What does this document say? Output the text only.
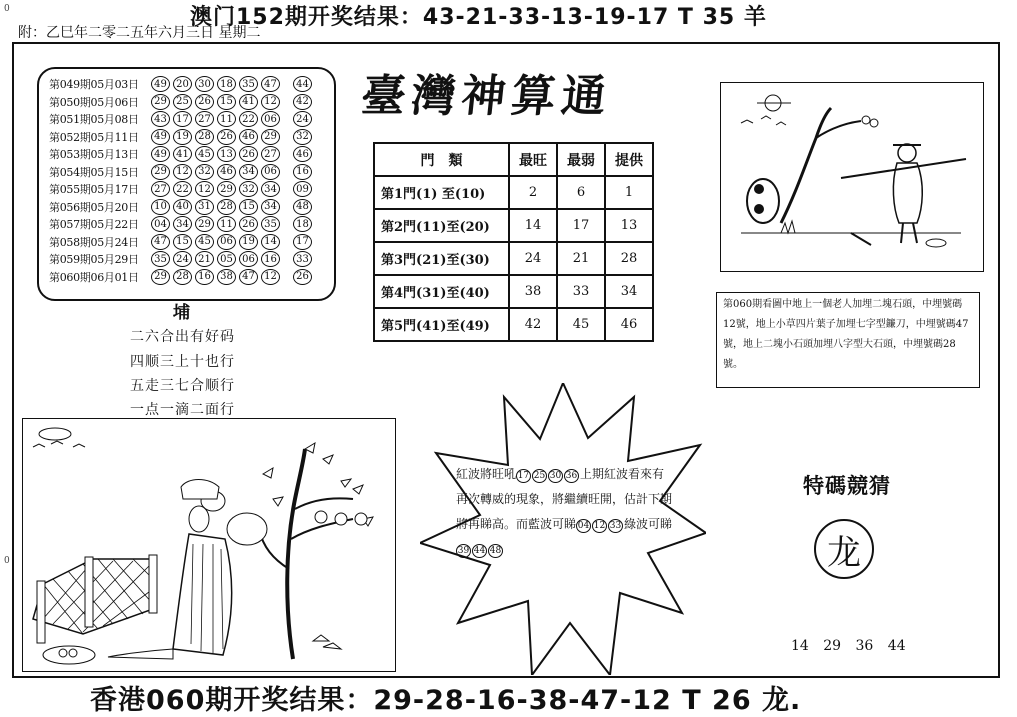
澳门152期开奖结果：43-21-33-13-19-17 T 35 羊
附：乙巳年二零二五年六月三日 星期二
0
第049期05月03日	49 20 30 18 35 47	44
第050期05月06日	29 25 26 15 41 12	42
第051期05月08日	43 17 27 11 22 06	24
第052期05月11日	49 19 28 26 46 29	32
第053期05月13日	49 41 45 13 26 27	46
第054期05月15日	29 12 32 46 34 06	16
第055期05月17日	27 22 12 29 32 34	09
第056期05月20日	10 40 31 28 15 34	48
第057期05月22日	04 34 29 11 26 35	18
第058期05月24日	47 15 45 06 19 14	17
第059期05月29日	35 24 21 05 06 16	33
第060期06月01日	29 28 16 38 47 12	26
臺灣神算通
門　類	最旺	最弱	提供
第1門(1) 至(10)	2	6	1
第2門(11)至(20)	14	17	13
第3門(21)至(30)	24	21	28
第4門(31)至(40)	38	33	34
第5門(41)至(49)	42	45	46
埔
二六合出有好码
四顺三上十也行
五走三七合顺行
一点一滴二面行
第060期看圖中地上一個老人加埋二塊石頭，中埋號碼12號，地上小草四片葉子加埋七字型鐮刀，中埋號碼47號，地上二塊小石頭加埋八字型大石頭，中埋號碼28號。
紅波將旺吼 17 25 30 36 上期紅波看來有再次轉威的現象，將繼續旺開，估計下期將再睇高。而藍波可睇 04 12 33 綠波可睇39 44 48
特碼競猜
龙
14 29 36 44
0
香港060期开奖结果：29-28-16-38-47-12 T 26 龙.
